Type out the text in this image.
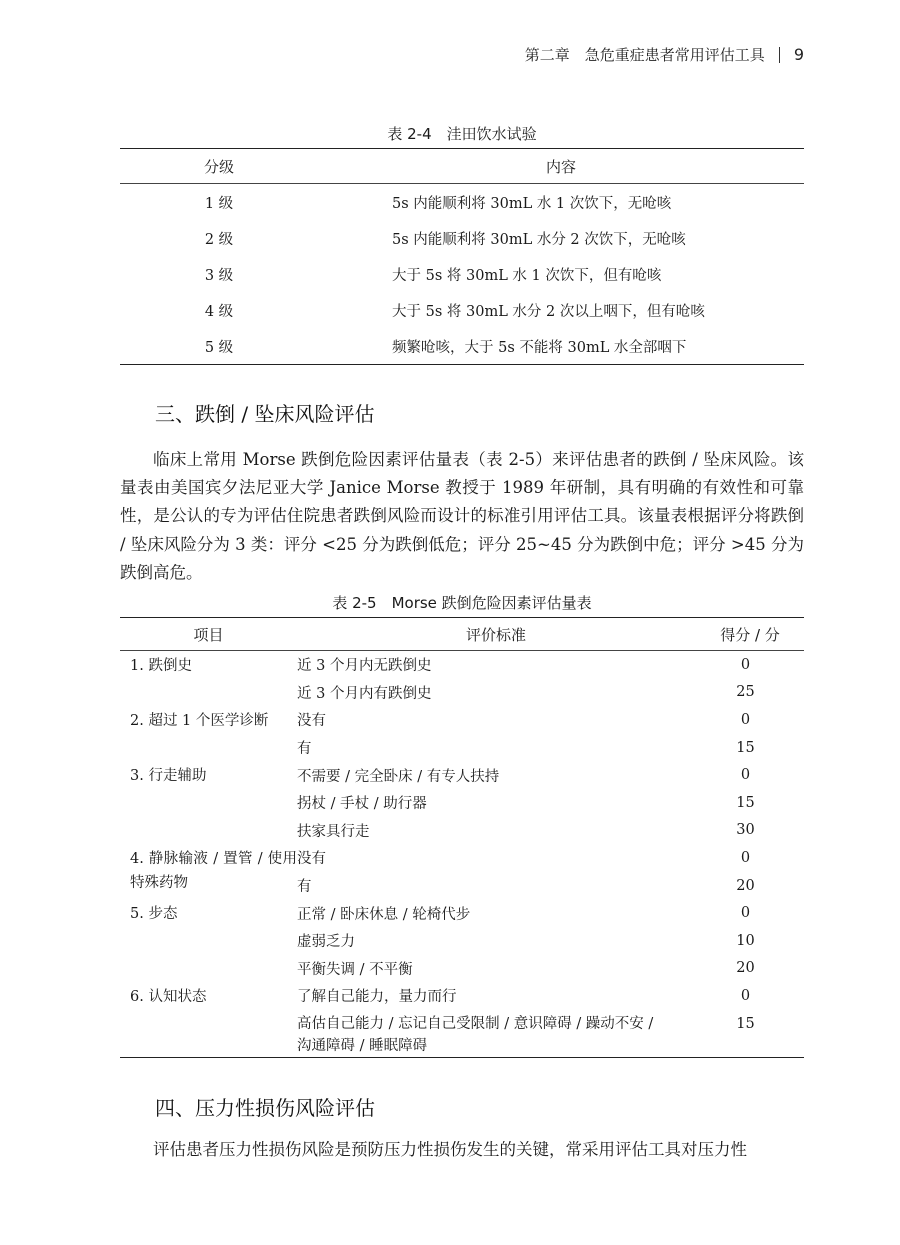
第二章　急危重症患者常用评估工具 9
表 2-4　洼田饮水试验
分级	内容
1 级	5s 内能顺利将 30mL 水 1 次饮下，无呛咳
2 级	5s 内能顺利将 30mL 水分 2 次饮下，无呛咳
3 级	大于 5s 将 30mL 水 1 次饮下，但有呛咳
4 级	大于 5s 将 30mL 水分 2 次以上咽下，但有呛咳
5 级	频繁呛咳，大于 5s 不能将 30mL 水全部咽下
三、跌倒 / 坠床风险评估

临床上常用 Morse 跌倒危险因素评估量表（表 2-5）来评估患者的跌倒 / 坠床风险。该量表由美国宾夕法尼亚大学 Janice Morse 教授于 1989 年研制，具有明确的有效性和可靠性，是公认的专为评估住院患者跌倒风险而设计的标准引用评估工具。该量表根据评分将跌倒 / 坠床风险分为 3 类：评分 <25 分为跌倒低危；评分 25~45 分为跌倒中危；评分 >45 分为跌倒高危。

表 2-5　Morse 跌倒危险因素评估量表
项目	评价标准	得分 / 分
1. 跌倒史	近 3 个月内无跌倒史	0
	近 3 个月内有跌倒史	25
2. 超过 1 个医学诊断	没有	0
	有	15
3. 行走辅助	不需要 / 完全卧床 / 有专人扶持	0
	拐杖 / 手杖 / 助行器	15
	扶家具行走	30
4. 静脉输液 / 置管 / 使用特殊药物	没有	0
	有	20
5. 步态	正常 / 卧床休息 / 轮椅代步	0
	虚弱乏力	10
	平衡失调 / 不平衡	20
6. 认知状态	了解自己能力，量力而行	0
	高估自己能力 / 忘记自己受限制 / 意识障碍 / 躁动不安 / 沟通障碍 / 睡眠障碍	15
四、压力性损伤风险评估

评估患者压力性损伤风险是预防压力性损伤发生的关键，常采用评估工具对压力性
